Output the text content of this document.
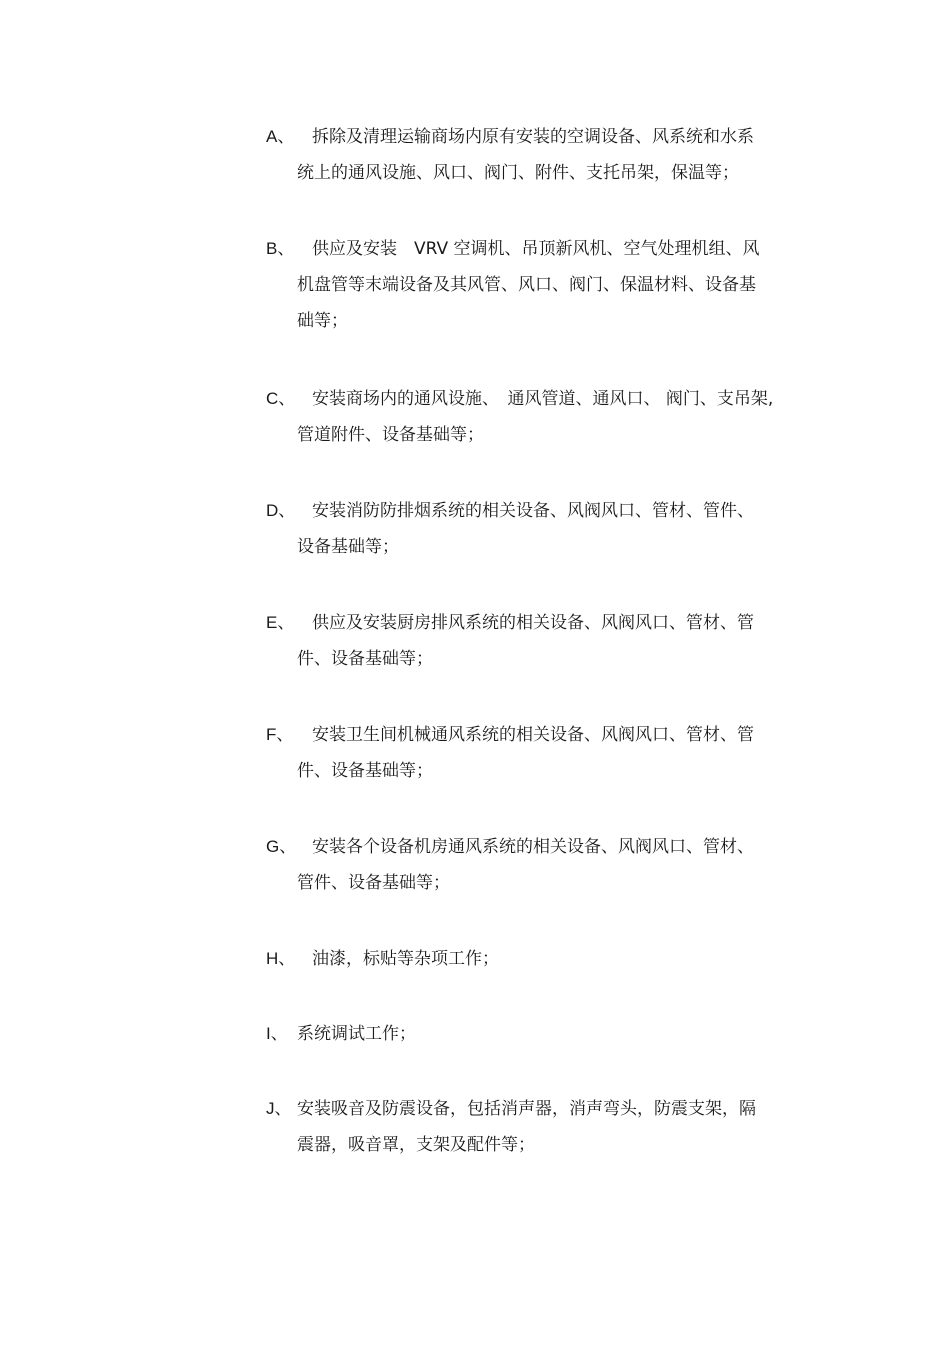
A、	拆除及清理运输商场内原有安装的空调设备、风系统和水系
统上的通风设施、风口、阀门、附件、支托吊架，保温等；
B、	供应及安装　VRV 空调机、吊顶新风机、空气处理机组、风
机盘管等末端设备及其风管、风口、阀门、保温材料、设备基
础等；
C、 安装商场内的通风设施、　通风管道、通风口、 阀门、支吊架,
管道附件、设备基础等；
D、 安装消防防排烟系统的相关设备、风阀风口、管材、管件、
设备基础等；
E、	供应及安装厨房排风系统的相关设备、风阀风口、管材、管
件、设备基础等；
F、	安装卫生间机械通风系统的相关设备、风阀风口、管材、管
件、设备基础等；
G、 安装各个设备机房通风系统的相关设备、风阀风口、管材、
管件、设备基础等；
H、 油漆，标贴等杂项工作；
I、 系统调试工作；
J、 安装吸音及防震设备，包括消声器，消声弯头，防震支架，隔
震器，吸音罩，支架及配件等；
